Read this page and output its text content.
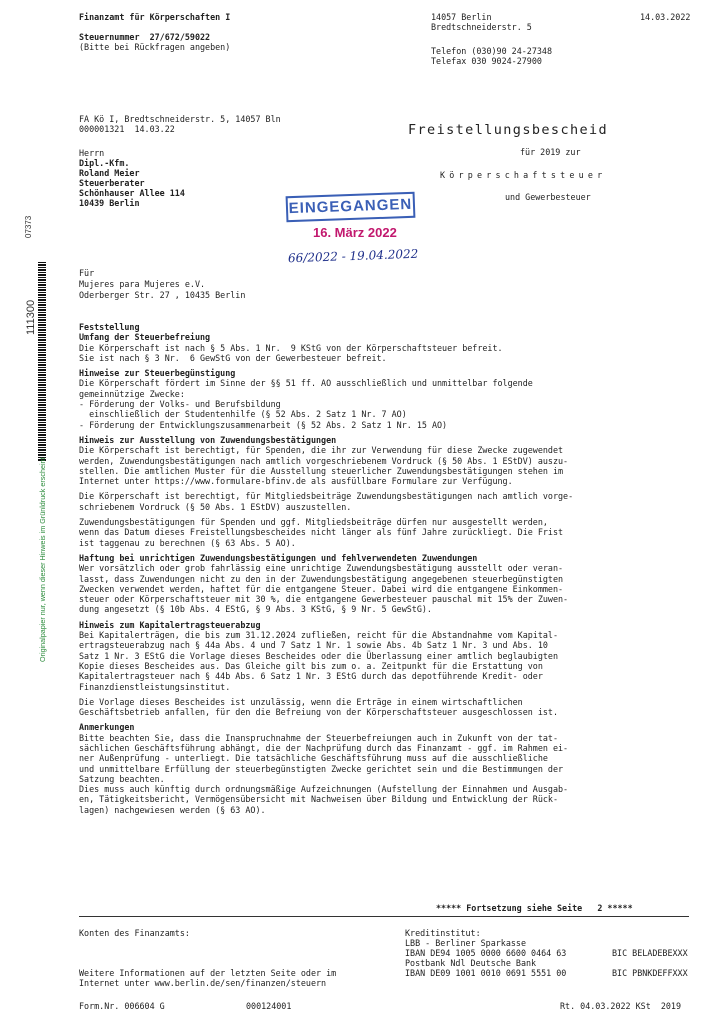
Finanzamt für Körperschaften I
Steuernummer  27/672/59022
(Bitte bei Rückfragen angeben)
14057 Berlin
Bredtschneiderstr. 5
14.03.2022
Telefon (030)90 24-27348
Telefax 030 9024-27900
FA Kö I, Bredtschneiderstr. 5, 14057 Bln
000001321  14.03.22
Herrn
Dipl.-Kfm.
Roland Meier
Steuerberater
Schönhauser Allee 114
10439 Berlin
Freistellungsbescheid
für 2019 zur
Körperschaftsteuer
und Gewerbesteuer
EINGEGANGEN
16. März 2022
66/2022 - 19.04.2022
07373
111300
Originalpapier nur, wenn dieser Hinweis im Grünldruck erscheint
Für
Mujeres para Mujeres e.V.
Oderberger Str. 27 , 10435 Berlin
Feststellung
Umfang der Steuerbefreiung
Die Körperschaft ist nach § 5 Abs. 1 Nr.  9 KStG von der Körperschaftsteuer befreit.
Sie ist nach § 3 Nr.  6 GewStG von der Gewerbesteuer befreit.
Hinweise zur Steuerbegünstigung
Die Körperschaft fördert im Sinne der §§ 51 ff. AO ausschließlich und unmittelbar folgende
gemeinnützige Zwecke:
- Förderung der Volks- und Berufsbildung
einschließlich der Studentenhilfe (§ 52 Abs. 2 Satz 1 Nr. 7 AO)
- Förderung der Entwicklungszusammenarbeit (§ 52 Abs. 2 Satz 1 Nr. 15 AO)
Hinweis zur Ausstellung von Zuwendungsbestätigungen
Die Körperschaft ist berechtigt, für Spenden, die ihr zur Verwendung für diese Zwecke zugewendet
werden, Zuwendungsbestätigungen nach amtlich vorgeschriebenem Vordruck (§ 50 Abs. 1 EStDV) auszu-
stellen. Die amtlichen Muster für die Ausstellung steuerlicher Zuwendungsbestätigungen stehen im
Internet unter https://www.formulare-bfinv.de als ausfüllbare Formulare zur Verfügung.
Die Körperschaft ist berechtigt, für Mitgliedsbeiträge Zuwendungsbestätigungen nach amtlich vorge-
schriebenem Vordruck (§ 50 Abs. 1 EStDV) auszustellen.
Zuwendungsbestätigungen für Spenden und ggf. Mitgliedsbeiträge dürfen nur ausgestellt werden,
wenn das Datum dieses Freistellungsbescheides nicht länger als fünf Jahre zurückliegt. Die Frist
ist taggenau zu berechnen (§ 63 Abs. 5 AO).
Haftung bei unrichtigen Zuwendungsbestätigungen und fehlverwendeten Zuwendungen
Wer vorsätzlich oder grob fahrlässig eine unrichtige Zuwendungsbestätigung ausstellt oder veran-
lasst, dass Zuwendungen nicht zu den in der Zuwendungsbestätigung angegebenen steuerbegünstigten
Zwecken verwendet werden, haftet für die entgangene Steuer. Dabei wird die entgangene Einkommen-
steuer oder Körperschaftsteuer mit 30 %, die entgangene Gewerbesteuer pauschal mit 15% der Zuwen-
dung angesetzt (§ 10b Abs. 4 EStG, § 9 Abs. 3 KStG, § 9 Nr. 5 GewStG).
Hinweis zum Kapitalertragsteuerabzug
Bei Kapitalerträgen, die bis zum 31.12.2024 zufließen, reicht für die Abstandnahme vom Kapital-
ertragsteuerabzug nach § 44a Abs. 4 und 7 Satz 1 Nr. 1 sowie Abs. 4b Satz 1 Nr. 3 und Abs. 10
Satz 1 Nr. 3 EStG die Vorlage dieses Bescheides oder die Überlassung einer amtlich beglaubigten
Kopie dieses Bescheides aus. Das Gleiche gilt bis zum o. a. Zeitpunkt für die Erstattung von
Kapitalertragsteuer nach § 44b Abs. 6 Satz 1 Nr. 3 EStG durch das depotführende Kredit- oder
Finanzdienstleistungsinstitut.
Die Vorlage dieses Bescheides ist unzulässig, wenn die Erträge in einem wirtschaftlichen
Geschäftsbetrieb anfallen, für den die Befreiung von der Körperschaftsteuer ausgeschlossen ist.
Anmerkungen
Bitte beachten Sie, dass die Inanspruchnahme der Steuerbefreiungen auch in Zukunft von der tat-
sächlichen Geschäftsführung abhängt, die der Nachprüfung durch das Finanzamt - ggf. im Rahmen ei-
ner Außenprüfung - unterliegt. Die tatsächliche Geschäftsführung muss auf die ausschließliche
und unmittelbare Erfüllung der steuerbegünstigten Zwecke gerichtet sein und die Bestimmungen der
Satzung beachten.
Dies muss auch künftig durch ordnungsmäßige Aufzeichnungen (Aufstellung der Einnahmen und Ausgab-
en, Tätigkeitsbericht, Vermögensübersicht mit Nachweisen über Bildung und Entwicklung der Rück-
lagen) nachgewiesen werden (§ 63 AO).
***** Fortsetzung siehe Seite   2 *****
Konten des Finanzamts:	Kreditinstitut:
LBB - Berliner Sparkasse
IBAN DE94 1005 0000 6600 0464 63	BIC BELADEBEXXX
Postbank Ndl Deutsche Bank
IBAN DE09 1001 0010 0691 5551 00	BIC PBNKDEFFXXX
Weitere Informationen auf der letzten Seite oder im
Internet unter www.berlin.de/sen/finanzen/steuern
Form.Nr. 006604 G	000124001	Rt. 04.03.2022 KSt  2019
